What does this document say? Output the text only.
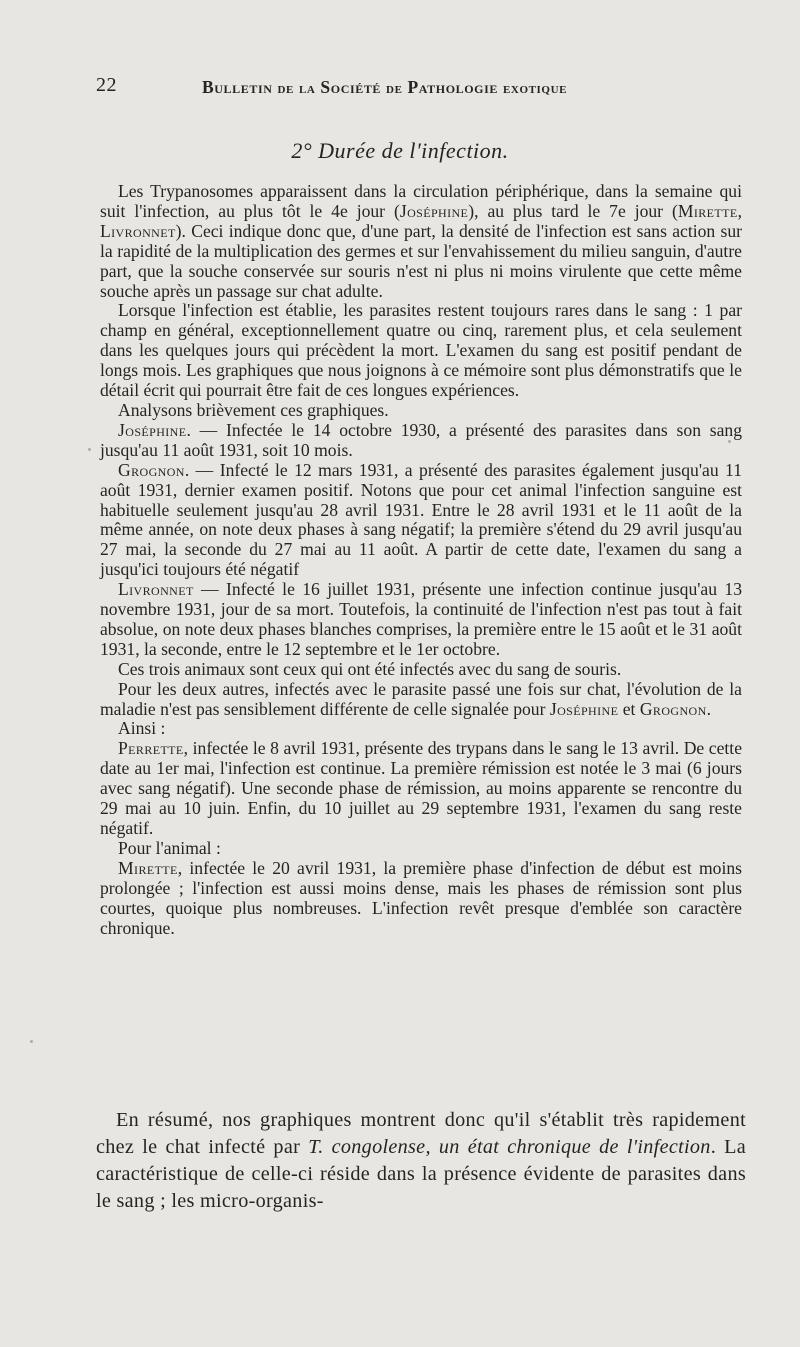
22	Bulletin de la Société de Pathologie exotique
2° Durée de l'infection.

Les Trypanosomes apparaissent dans la circulation périphérique, dans la semaine qui suit l'infection, au plus tôt le 4e jour (Joséphine), au plus tard le 7e jour (Mirette, Livronnet). Ceci indique donc que, d'une part, la densité de l'infection est sans action sur la rapidité de la multiplication des germes et sur l'envahissement du milieu sanguin, d'autre part, que la souche conservée sur souris n'est ni plus ni moins virulente que cette même souche après un passage sur chat adulte.

Lorsque l'infection est établie, les parasites restent toujours rares dans le sang : 1 par champ en général, exceptionnellement quatre ou cinq, rarement plus, et cela seulement dans les quelques jours qui précèdent la mort. L'examen du sang est positif pendant de longs mois. Les graphiques que nous joignons à ce mémoire sont plus démonstratifs que le détail écrit qui pourrait être fait de ces longues expériences.

Analysons brièvement ces graphiques.

Joséphine. — Infectée le 14 octobre 1930, a présenté des parasites dans son sang jusqu'au 11 août 1931, soit 10 mois.

Grognon. — Infecté le 12 mars 1931, a présenté des parasites également jusqu'au 11 août 1931, dernier examen positif. Notons que pour cet animal l'infection sanguine est habituelle seulement jusqu'au 28 avril 1931. Entre le 28 avril 1931 et le 11 août de la même année, on note deux phases à sang négatif; la première s'étend du 29 avril jusqu'au 27 mai, la seconde du 27 mai au 11 août. A partir de cette date, l'examen du sang a jusqu'ici toujours été négatif

Livronnet — Infecté le 16 juillet 1931, présente une infection continue jusqu'au 13 novembre 1931, jour de sa mort. Toutefois, la continuité de l'infection n'est pas tout à fait absolue, on note deux phases blanches comprises, la première entre le 15 août et le 31 août 1931, la seconde, entre le 12 septembre et le 1er octobre.

Ces trois animaux sont ceux qui ont été infectés avec du sang de souris.

Pour les deux autres, infectés avec le parasite passé une fois sur chat, l'évolution de la maladie n'est pas sensiblement différente de celle signalée pour Joséphine et Grognon.

Ainsi :

Perrette, infectée le 8 avril 1931, présente des trypans dans le sang le 13 avril. De cette date au 1er mai, l'infection est continue. La première rémission est notée le 3 mai (6 jours avec sang négatif). Une seconde phase de rémission, au moins apparente se rencontre du 29 mai au 10 juin. Enfin, du 10 juillet au 29 septembre 1931, l'examen du sang reste négatif.

Pour l'animal :

Mirette, infectée le 20 avril 1931, la première phase d'infection de début est moins prolongée ; l'infection est aussi moins dense, mais les phases de rémission sont plus courtes, quoique plus nombreuses. L'infection revêt presque d'emblée son caractère chronique.

En résumé, nos graphiques montrent donc qu'il s'établit très rapidement chez le chat infecté par T. congolense, un état chronique de l'infection. La caractéristique de celle-ci réside dans la présence évidente de parasites dans le sang ; les micro-organis-
